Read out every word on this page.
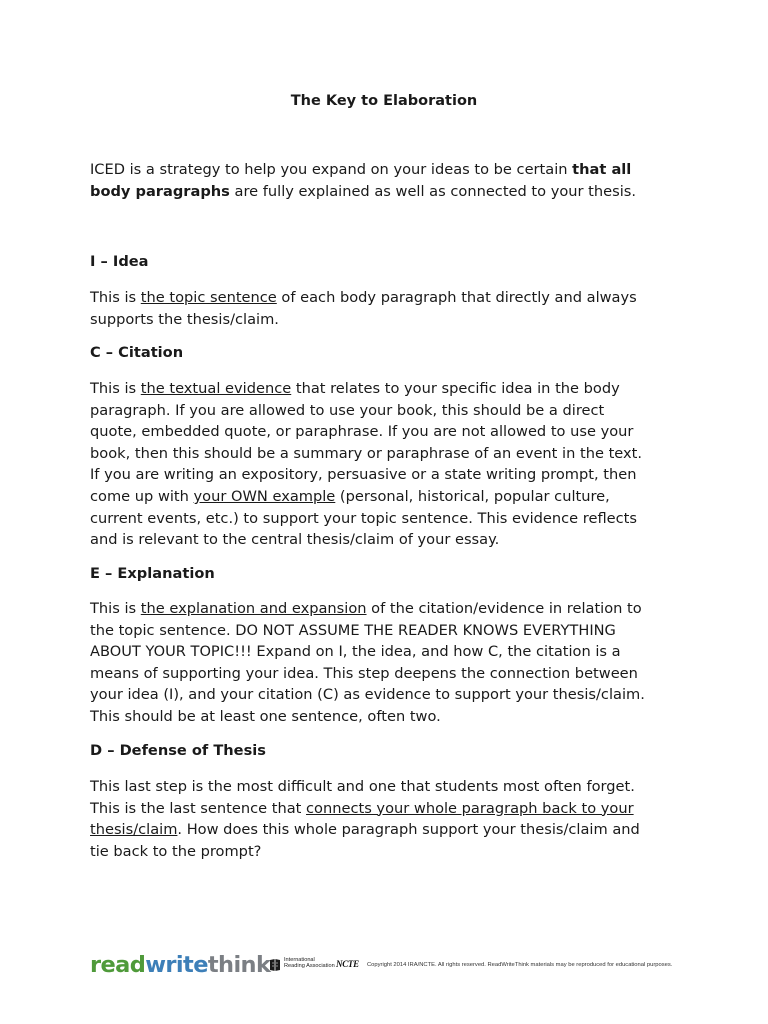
The Key to Elaboration
ICED is a strategy to help you expand on your ideas to be certain that all
body paragraphs are fully explained as well as connected to your thesis.
I – Idea
This is the topic sentence of each body paragraph that directly and always
supports the thesis/claim.
C – Citation
This is the textual evidence that relates to your specific idea in the body
paragraph. If you are allowed to use your book, this should be a direct
quote, embedded quote, or paraphrase. If you are not allowed to use your
book, then this should be a summary or paraphrase of an event in the text.
If you are writing an expository, persuasive or a state writing prompt, then
come up with your OWN example (personal, historical, popular culture,
current events, etc.) to support your topic sentence. This evidence reflects
and is relevant to the central thesis/claim of your essay.
E – Explanation
This is the explanation and expansion of the citation/evidence in relation to
the topic sentence. DO NOT ASSUME THE READER KNOWS EVERYTHING
ABOUT YOUR TOPIC!!! Expand on I, the idea, and how C, the citation is a
means of supporting your idea. This step deepens the connection between
your idea (I), and your citation (C) as evidence to support your thesis/claim.
This should be at least one sentence, often two.
D – Defense of Thesis
This last step is the most difficult and one that students most often forget.
This is the last sentence that connects your whole paragraph back to your
thesis/claim. How does this whole paragraph support your thesis/claim and
tie back to the prompt?
readwritethink International
Reading Association NCTE Copyright 2014 IRA/NCTE. All rights reserved. ReadWriteThink materials may be reproduced for educational purposes.
